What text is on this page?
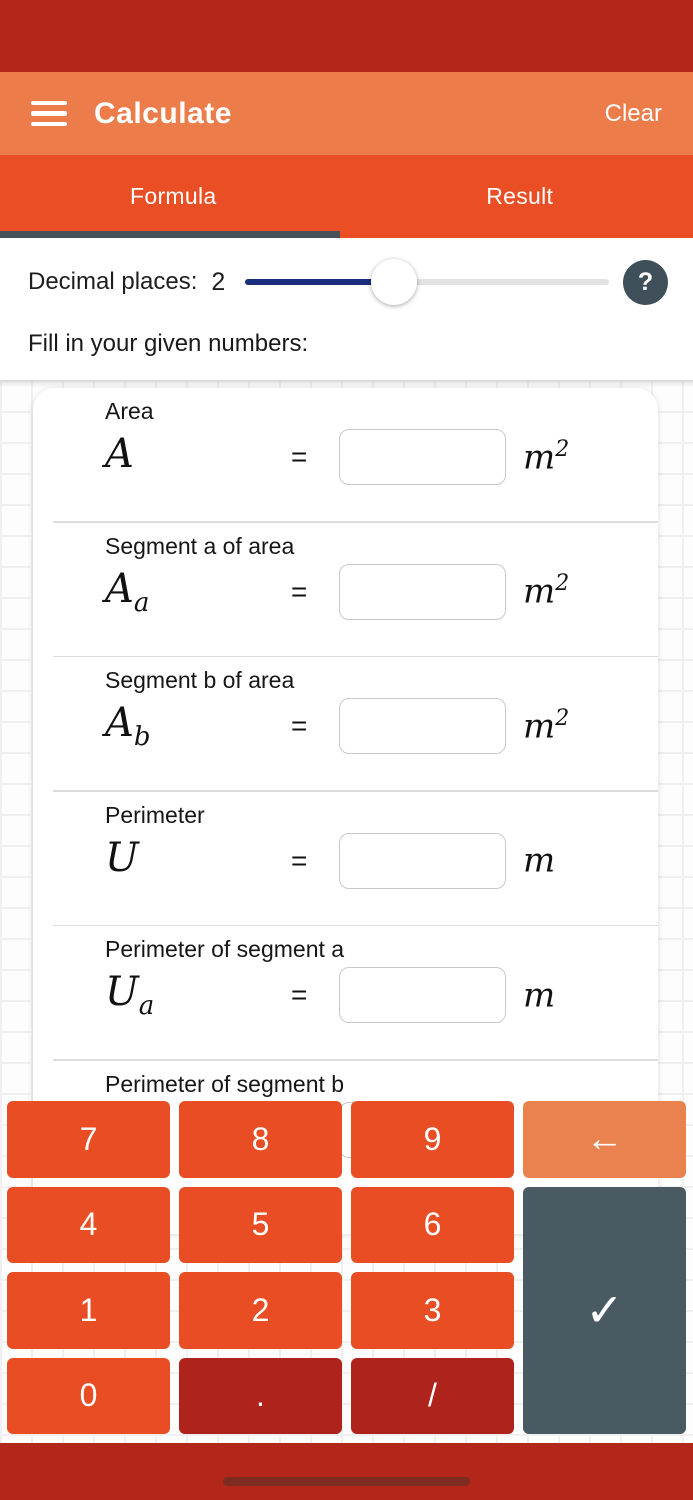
Calculate	Clear
Formula	Result
Decimal places: 2	?
Fill in your given numbers:
Area
A	=	$m^2$
Segment a of area
$A_a$	=	$m^2$
Segment b of area
$A_b$	=	$m^2$
Perimeter
U	=	m
Perimeter of segment a
$U_a$	=	m
Perimeter of segment b
7	8	9	←
4	5	6
✓
1	2	3
0	.	/
